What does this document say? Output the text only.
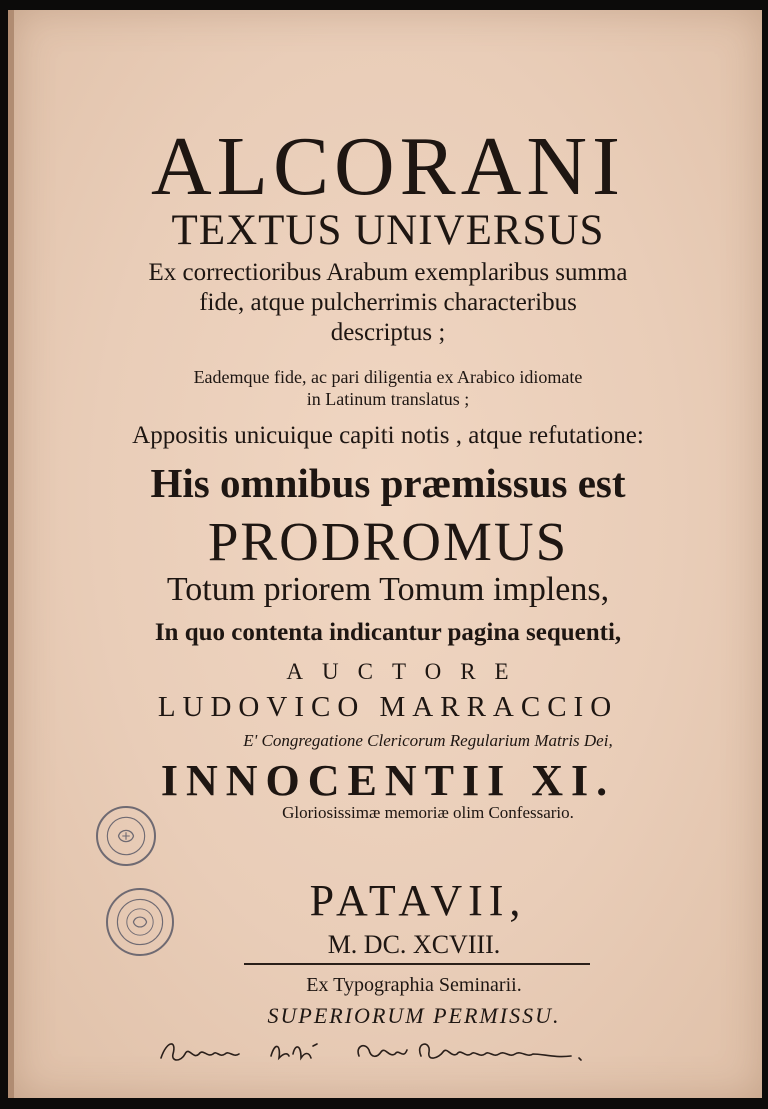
ALCORANI
TEXTUS UNIVERSUS
Ex correctioribus Arabum exemplaribus summa
fide, atque pulcherrimis characteribus
descriptus ;
Eademque fide, ac pari diligentia ex Arabico idiomate
in Latinum translatus ;
Appositis unicuique capiti notis , atque refutatione:
His omnibus præmissus est
PRODROMUS
Totum priorem Tomum implens,
In quo contenta indicantur pagina sequenti,
AUCTORE
LUDOVICO MARRACCIO
E' Congregatione Clericorum Regularium Matris Dei,
INNOCENTII XI.
Gloriosissimæ memoriæ olim Confessario.
PATAVII,
M. DC. XCVIII.
Ex Typographia Seminarii.
SUPERIORUM PERMISSU.
